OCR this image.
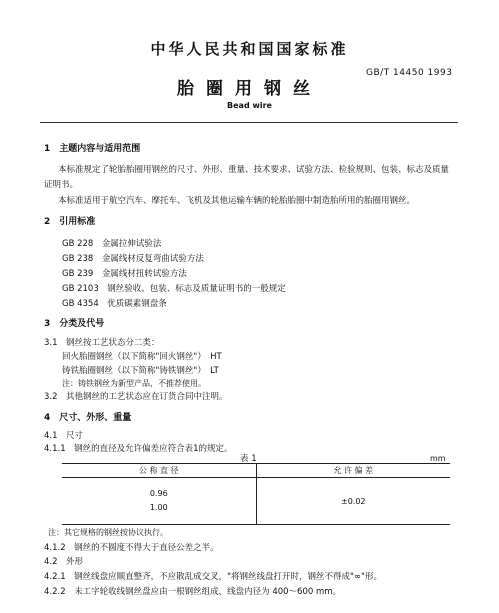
中华人民共和国国家标准
GB/T 14450 1993
胎圈用钢丝
Bead wire
1　主题内容与适用范围
本标准规定了轮胎胎圈用钢丝的尺寸、外形、重量、技术要求、试验方法、检验规则、包装、标志及质量
证明书。
本标准适用于航空汽车、摩托车、飞机及其他运输车辆的轮胎胎圈中制造胎所用的胎圈用钢丝。
2　引用标准
GB 228　金属拉伸试验法
GB 238　金属线材反复弯曲试验方法
GB 239　金属线材扭转试验方法
GB 2103　钢丝验收、包装、标志及质量证明书的一般规定
GB 4354　优质碳素钢盘条
3　分类及代号
3.1　钢丝按工艺状态分二类：
回火胎圈钢丝（以下简称"回火钢丝"）　HT
铸铁胎圈钢丝（以下简称"铸铁钢丝"）　LT
注：铸铁钢丝为新型产品，不推荐使用。
3.2　其他钢丝的工艺状态应在订货合同中注明。
4　尺寸、外形、重量
4.1　尺寸
4.1.1　钢丝的直径及允许偏差应符合表1的规定。
表 1	mm
公 称 直 径	允 许 偏 差

0.96
1.00	±0.02
注：其它规格的钢丝按协议执行。
4.1.2　钢丝的不圆度不得大于直径公差之半。
4.2　外形
4.2.1　钢丝线盘应顺直整齐，不应散乱成交叉，"将钢丝线盘打开时，钢丝不得成"∞"形。
4.2.2　未工字轮收线钢丝盘应由一根钢丝组成，线盘内径为 400～600 mm。
